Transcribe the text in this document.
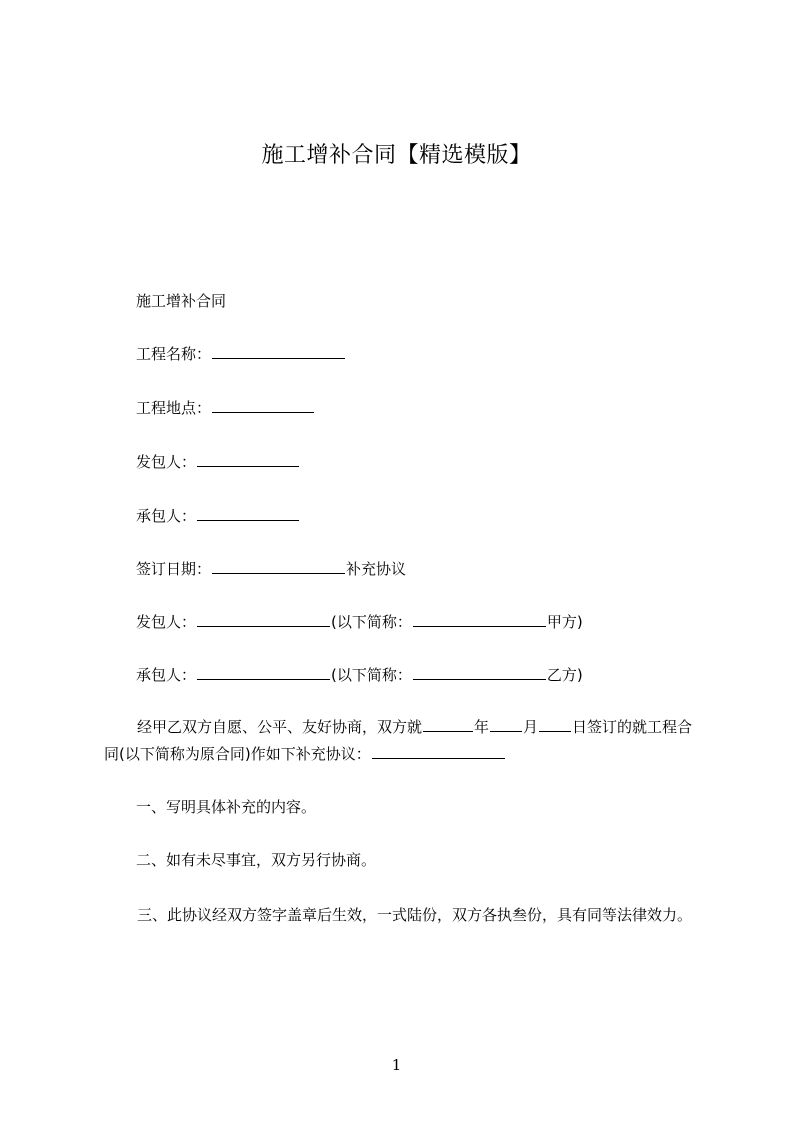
施工增补合同【精选模版】
施工增补合同
工程名称：
工程地点：
发包人：
承包人：
签订日期：	补充协议
发包人：	(以下简称：	甲方)
承包人：	(以下简称：	乙方)
经甲乙双方自愿、公平、友好协商，双方就	年 月 日签订的就工程合同(以下简称为原合同)作如下补充协议：
一、写明具体补充的内容。
二、如有未尽事宜，双方另行协商。
三、此协议经双方签字盖章后生效，一式陆份，双方各执叁份，具有同等法律效力。
1
